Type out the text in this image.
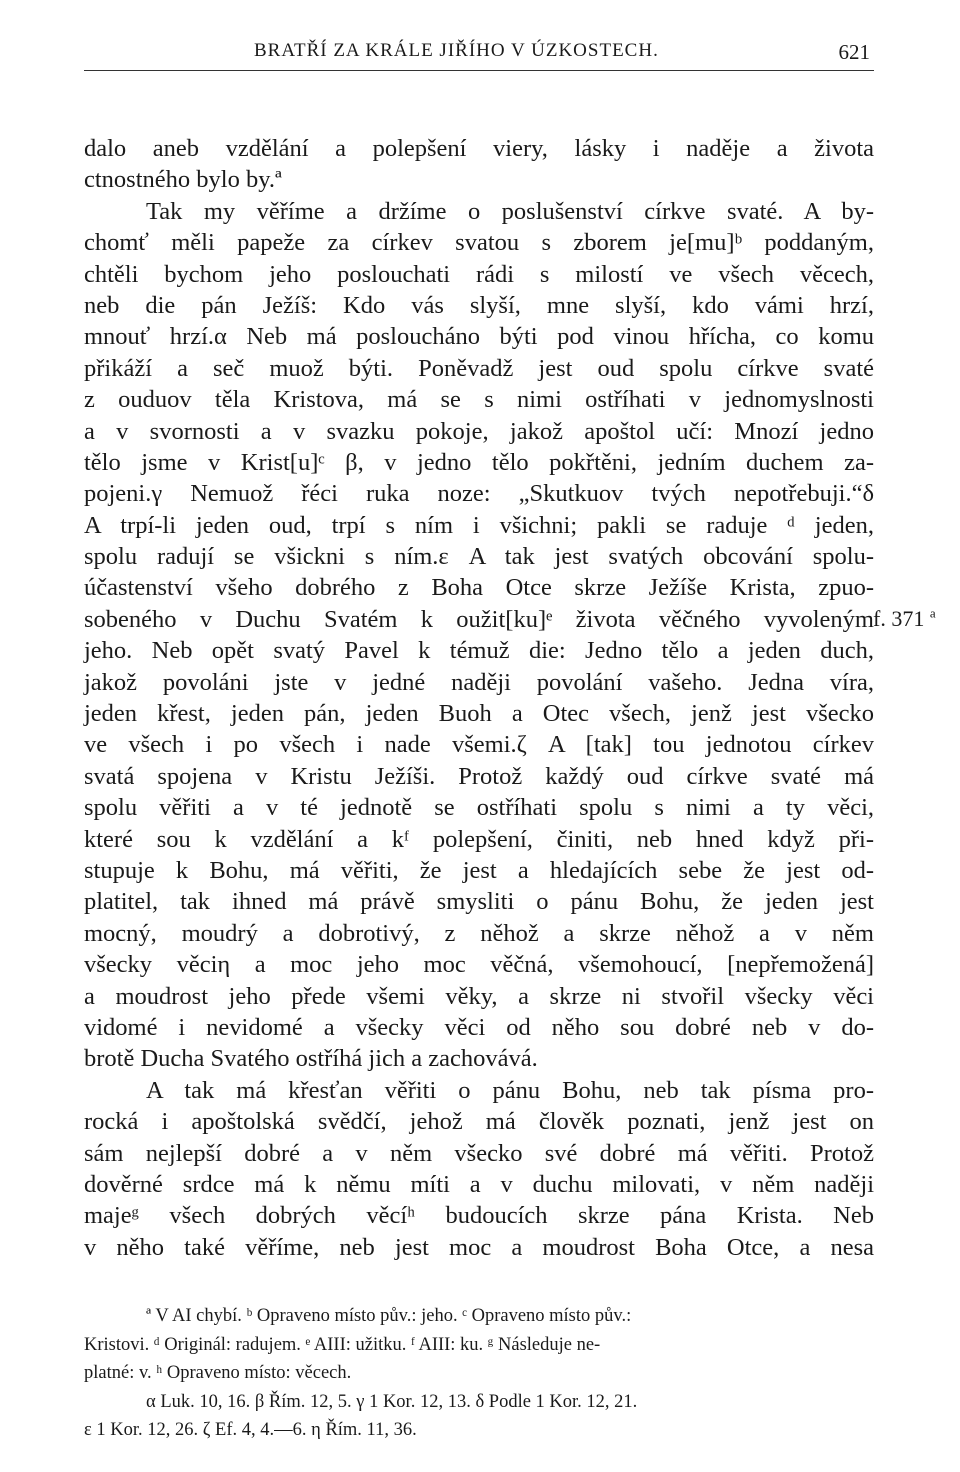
BRATŘÍ ZA KRÁLE JIŘÍHO V ÚZKOSTECH.	621
dalo aneb vzdělání a polepšení viery, lásky i naděje a života
ctnostného bylo by.ª
Tak my věříme a držíme o poslušenství církve svaté. A by-
chomť měli papeže za církev svatou s zborem je[mu]ᵇ poddaným,
chtěli bychom jeho poslouchati rádi s milostí ve všech věcech,
neb die pán Ježíš: Kdo vás slyší, mne slyší, kdo vámi hrzí,
mnouť hrzí.α Neb má posloucháno býti pod vinou hřícha, co komu
přikáží a seč muož býti. Poněvadž jest oud spolu církve svaté
z ouduov těla Kristova, má se s nimi ostříhati v jednomyslnosti
a v svornosti a v svazku pokoje, jakož apoštol učí: Mnozí jedno
tělo jsme v Krist[u]ᶜ β, v jedno tělo pokřtěni, jedním duchem za-
pojeni.γ Nemuož řéci ruka noze: „Skutkuov tvých nepotřebuji.“δ
A trpí-li jeden oud, trpí s ním i všichni; pakli se raduje ᵈ jeden,
spolu radují se všickni s ním.ε A tak jest svatých obcování spolu-
účastenství všeho dobrého z Boha Otce skrze Ježíše Krista, zpuo-
sobeného v Duchu Svatém k oužit[ku]ᵉ života věčného vyvoleným
jeho. Neb opět svatý Pavel k témuž die: Jedno tělo a jeden duch,
jakož povoláni jste v jedné naději povolání vašeho. Jedna víra,
jeden křest, jeden pán, jeden Buoh a Otec všech, jenž jest všecko
ve všech i po všech i nade všemi.ζ A [tak] tou jednotou církev
svatá spojena v Kristu Ježíši. Protož každý oud církve svaté má
spolu věřiti a v té jednotě se ostříhati spolu s nimi a ty věci,
které sou k vzdělání a kᶠ polepšení, činiti, neb hned když při-
stupuje k Bohu, má věřiti, že jest a hledajících sebe že jest od-
platitel, tak ihned má právě smysliti o pánu Bohu, že jeden jest
mocný, moudrý a dobrotivý, z něhož a skrze něhož a v něm
všecky věciη a moc jeho moc věčná, všemohoucí, [nepřemožená]
a moudrost jeho přede všemi věky, a skrze ni stvořil všecky věci
vidomé i nevidomé a všecky věci od něho sou dobré neb v do-
brotě Ducha Svatého ostříhá jich a zachovává.
A tak má křesťan věřiti o pánu Bohu, neb tak písma pro-
rocká i apoštolská svědčí, jehož má člověk poznati, jenž jest on
sám nejlepší dobré a v něm všecko své dobré má věřiti. Protož
dověrné srdce má k němu míti a v duchu milovati, v něm naději
majeᵍ všech dobrých věcíʰ budoucích skrze pána Krista. Neb
v něho také věříme, neb jest moc a moudrost Boha Otce, a nesa
f. 371 $^a$
ª V AI chybí. ᵇ Opraveno místo pův.: jeho. ᶜ Opraveno místo pův.:
Kristovi. ᵈ Originál: radujem. ᵉ AIII: užitku. ᶠ AIII: ku. ᵍ Následuje ne-
platné: v. ʰ Opraveno místo: věcech.
α Luk. 10, 16. β Řím. 12, 5. γ 1 Kor. 12, 13. δ Podle 1 Kor. 12, 21.
ε 1 Kor. 12, 26. ζ Ef. 4, 4.—6. η Řím. 11, 36.
